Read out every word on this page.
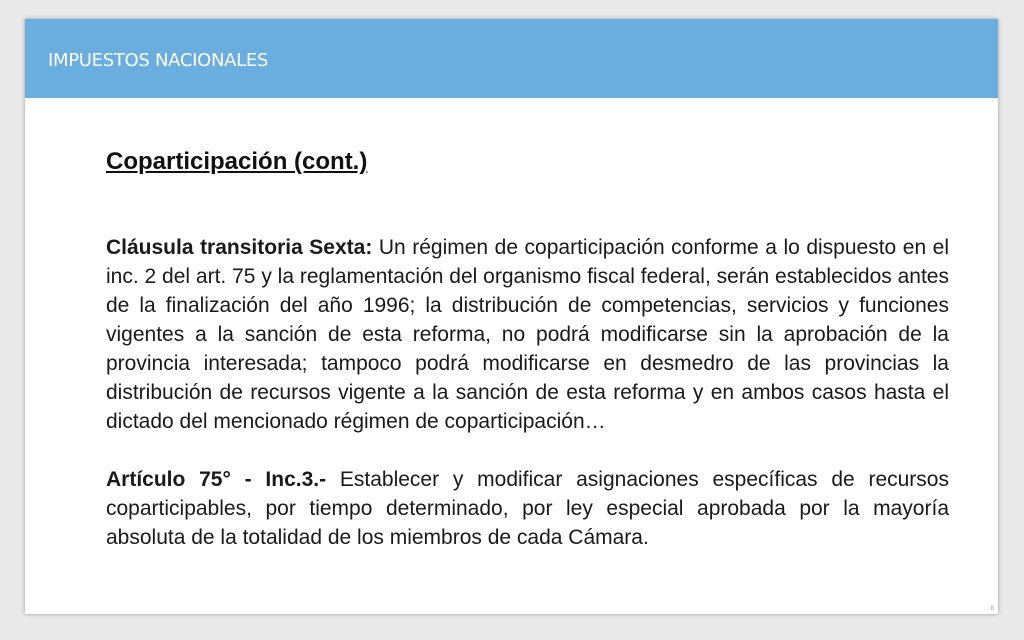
IMPUESTOS NACIONALES
Coparticipación (cont.)

Cláusula transitoria Sexta: Un régimen de coparticipación conforme a lo dispuesto en el inc. 2 del art. 75 y la reglamentación del organismo fiscal federal, serán establecidos antes de la finalización del año 1996; la distribución de competencias, servicios y funciones vigentes a la sanción de esta reforma, no podrá modificarse sin la aprobación de la provincia interesada; tampoco podrá modificarse en desmedro de las provincias la distribución de recursos vigente a la sanción de esta reforma y en ambos casos hasta el dictado del mencionado régimen de coparticipación…

Artículo 75° - Inc.3.- Establecer y modificar asignaciones específicas de recursos coparticipables, por tiempo determinado, por ley especial aprobada por la mayoría absoluta de la totalidad de los miembros de cada Cámara.

8
